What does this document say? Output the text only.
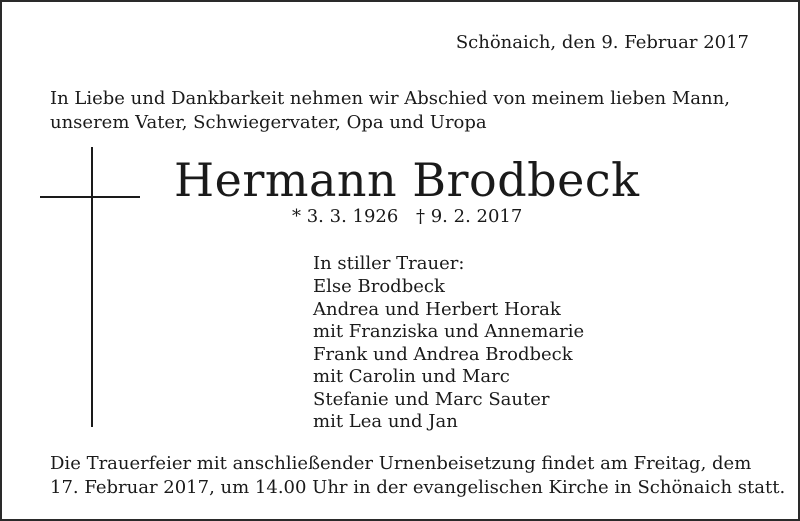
Schönaich, den 9. Februar 2017
In Liebe und Dankbarkeit nehmen wir Abschied von meinem lieben Mann,
unserem Vater, Schwiegervater, Opa und Uropa
Hermann Brodbeck
* 3. 3. 1926 † 9. 2. 2017
In stiller Trauer:
Else Brodbeck
Andrea und Herbert Horak
mit Franziska und Annemarie
Frank und Andrea Brodbeck
mit Carolin und Marc
Stefanie und Marc Sauter
mit Lea und Jan
Die Trauerfeier mit anschließender Urnenbeisetzung findet am Freitag, dem
17. Februar 2017, um 14.00 Uhr in der evangelischen Kirche in Schönaich statt.
